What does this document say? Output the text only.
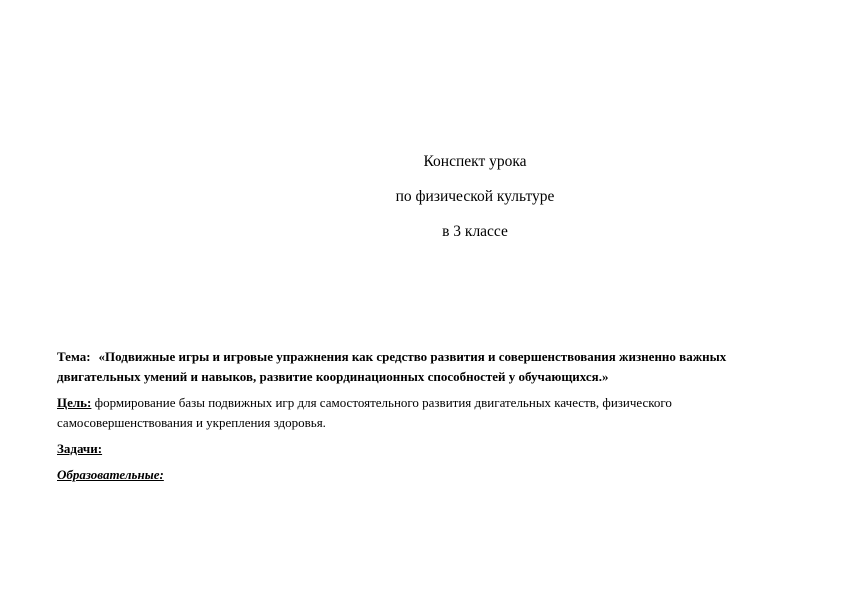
Конспект урока
по физической культуре
в 3 классе

Тема: «Подвижные игры и игровые упражнения как средство развития и совершенствования жизненно важных двигательных умений и навыков, развитие координационных способностей у обучающихся.»

Цель: формирование базы подвижных игр для самостоятельного развития двигательных качеств, физического самосовершенствования и укрепления здоровья.

Задачи:

Образовательные:
